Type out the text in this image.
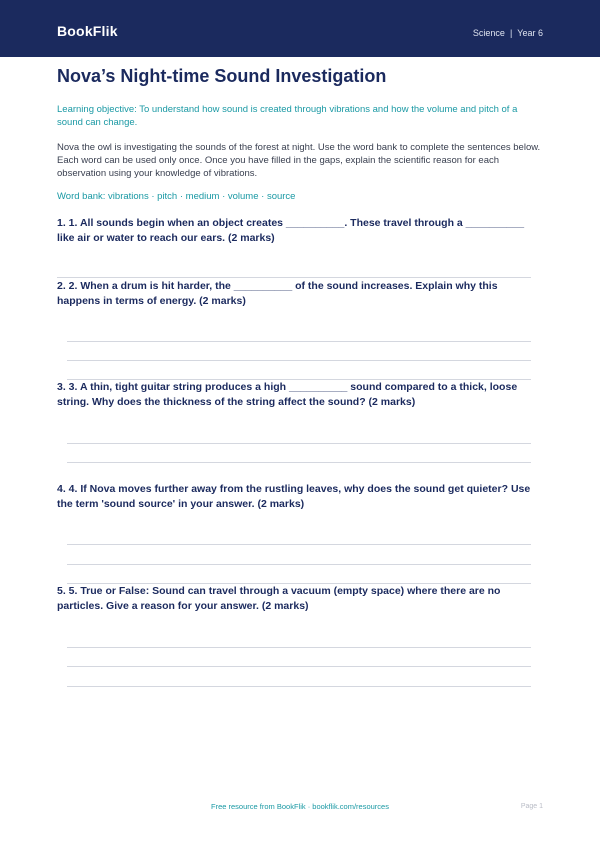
BookFlik	Science | Year 6
Nova’s Night-time Sound Investigation
Learning objective: To understand how sound is created through vibrations and how the volume and pitch of a sound can change.
Nova the owl is investigating the sounds of the forest at night. Use the word bank to complete the sentences below. Each word can be used only once. Once you have filled in the gaps, explain the scientific reason for each observation using your knowledge of vibrations.
Word bank: vibrations · pitch · medium · volume · source
1. 1. All sounds begin when an object creates __________. These travel through a __________ like air or water to reach our ears. (2 marks)
2. 2. When a drum is hit harder, the __________ of the sound increases. Explain why this happens in terms of energy. (2 marks)
3. 3. A thin, tight guitar string produces a high __________ sound compared to a thick, loose string. Why does the thickness of the string affect the sound? (2 marks)
4. 4. If Nova moves further away from the rustling leaves, why does the sound get quieter? Use the term 'sound source' in your answer. (2 marks)
5. 5. True or False: Sound can travel through a vacuum (empty space) where there are no particles. Give a reason for your answer. (2 marks)
Free resource from BookFlik · bookflik.com/resources	Page 1
